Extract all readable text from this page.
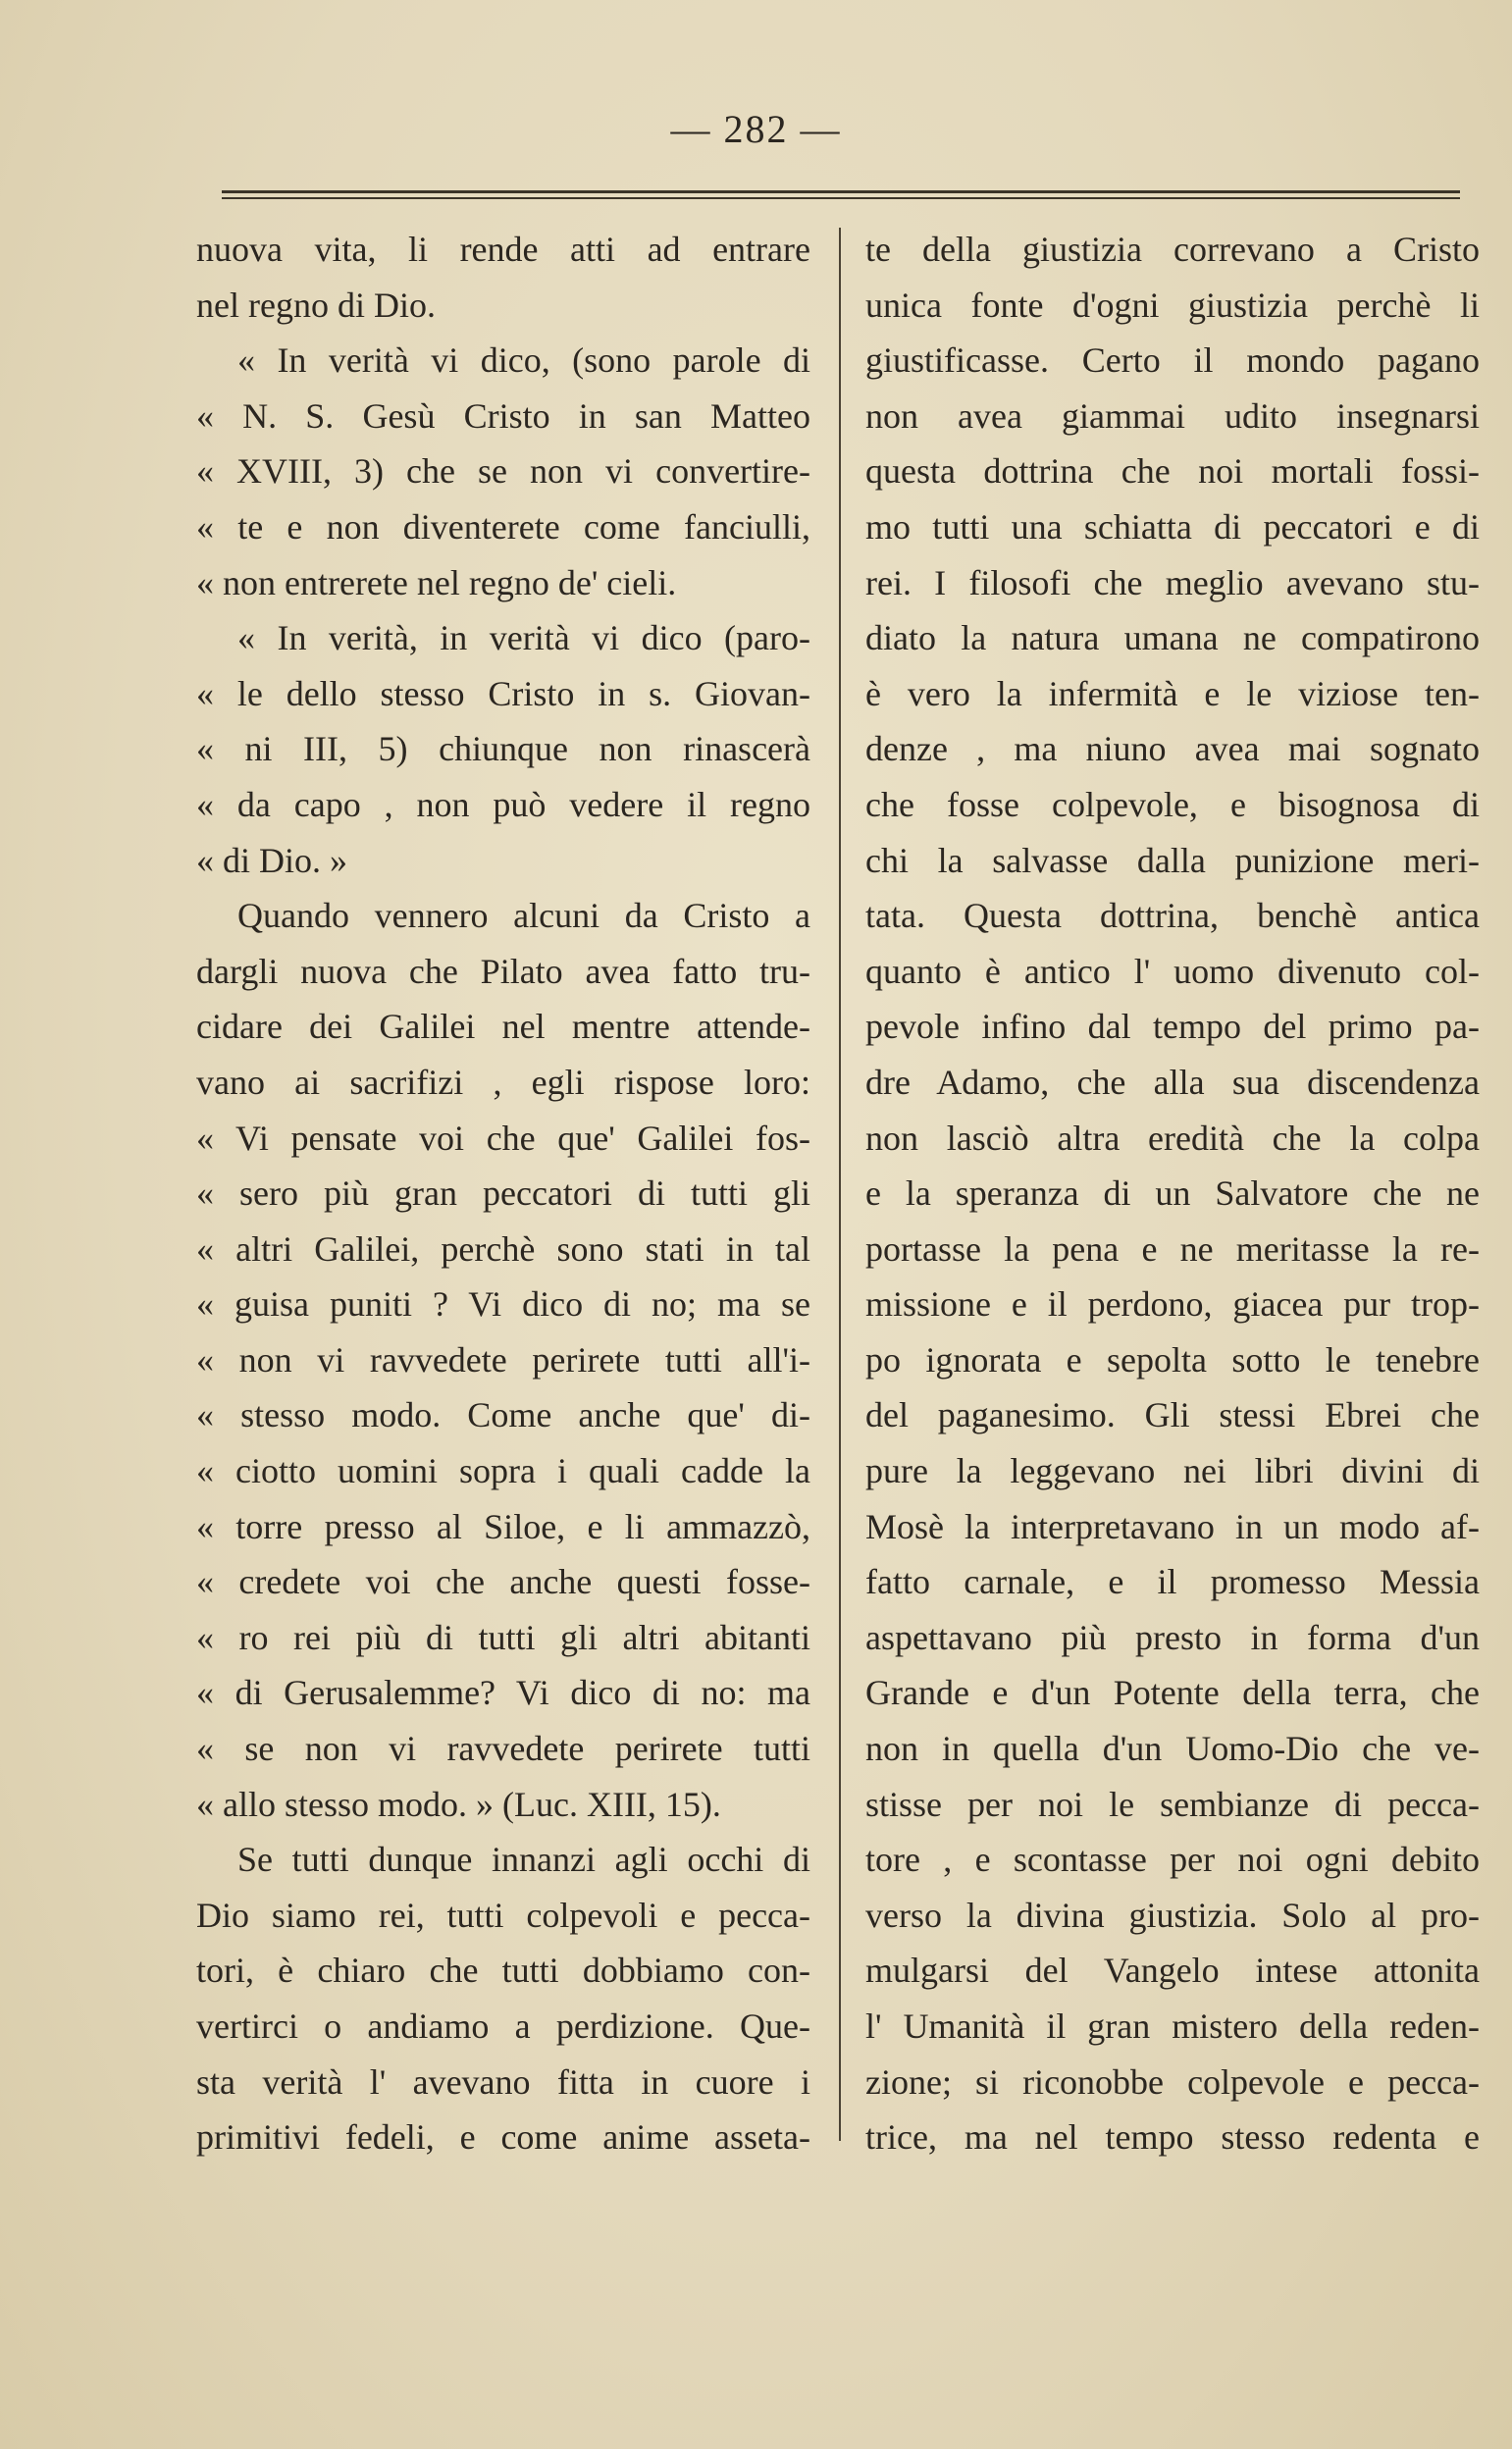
— 282 —
nuova vita, li rende atti ad entrare
nel regno di Dio.
« In verità vi dico, (sono parole di
« N. S. Gesù Cristo in san Matteo
« XVIII, 3) che se non vi convertire-
« te e non diventerete come fanciulli,
« non entrerete nel regno de' cieli.
« In verità, in verità vi dico (paro-
« le dello stesso Cristo in s. Giovan-
« ni III, 5) chiunque non rinascerà
« da capo , non può vedere il regno
« di Dio. »
Quando vennero alcuni da Cristo a
dargli nuova che Pilato avea fatto tru-
cidare dei Galilei nel mentre attende-
vano ai sacrifizi , egli rispose loro:
« Vi pensate voi che que' Galilei fos-
« sero più gran peccatori di tutti gli
« altri Galilei, perchè sono stati in tal
« guisa puniti ? Vi dico di no; ma se
« non vi ravvedete perirete tutti all'i-
« stesso modo. Come anche que' di-
« ciotto uomini sopra i quali cadde la
« torre presso al Siloe, e li ammazzò,
« credete voi che anche questi fosse-
« ro rei più di tutti gli altri abitanti
« di Gerusalemme? Vi dico di no: ma
« se non vi ravvedete perirete tutti
« allo stesso modo. » (Luc. XIII, 15).
Se tutti dunque innanzi agli occhi di
Dio siamo rei, tutti colpevoli e pecca-
tori, è chiaro che tutti dobbiamo con-
vertirci o andiamo a perdizione. Que-
sta verità l' avevano fitta in cuore i
primitivi fedeli, e come anime asseta-
te della giustizia correvano a Cristo
unica fonte d'ogni giustizia perchè li
giustificasse. Certo il mondo pagano
non avea giammai udito insegnarsi
questa dottrina che noi mortali fossi-
mo tutti una schiatta di peccatori e di
rei. I filosofi che meglio avevano stu-
diato la natura umana ne compatirono
è vero la infermità e le viziose ten-
denze , ma niuno avea mai sognato
che fosse colpevole, e bisognosa di
chi la salvasse dalla punizione meri-
tata. Questa dottrina, benchè antica
quanto è antico l' uomo divenuto col-
pevole infino dal tempo del primo pa-
dre Adamo, che alla sua discendenza
non lasciò altra eredità che la colpa
e la speranza di un Salvatore che ne
portasse la pena e ne meritasse la re-
missione e il perdono, giacea pur trop-
po ignorata e sepolta sotto le tenebre
del paganesimo. Gli stessi Ebrei che
pure la leggevano nei libri divini di
Mosè la interpretavano in un modo af-
fatto carnale, e il promesso Messia
aspettavano più presto in forma d'un
Grande e d'un Potente della terra, che
non in quella d'un Uomo-Dio che ve-
stisse per noi le sembianze di pecca-
tore , e scontasse per noi ogni debito
verso la divina giustizia. Solo al pro-
mulgarsi del Vangelo intese attonita
l' Umanità il gran mistero della reden-
zione; si riconobbe colpevole e pecca-
trice, ma nel tempo stesso redenta e
